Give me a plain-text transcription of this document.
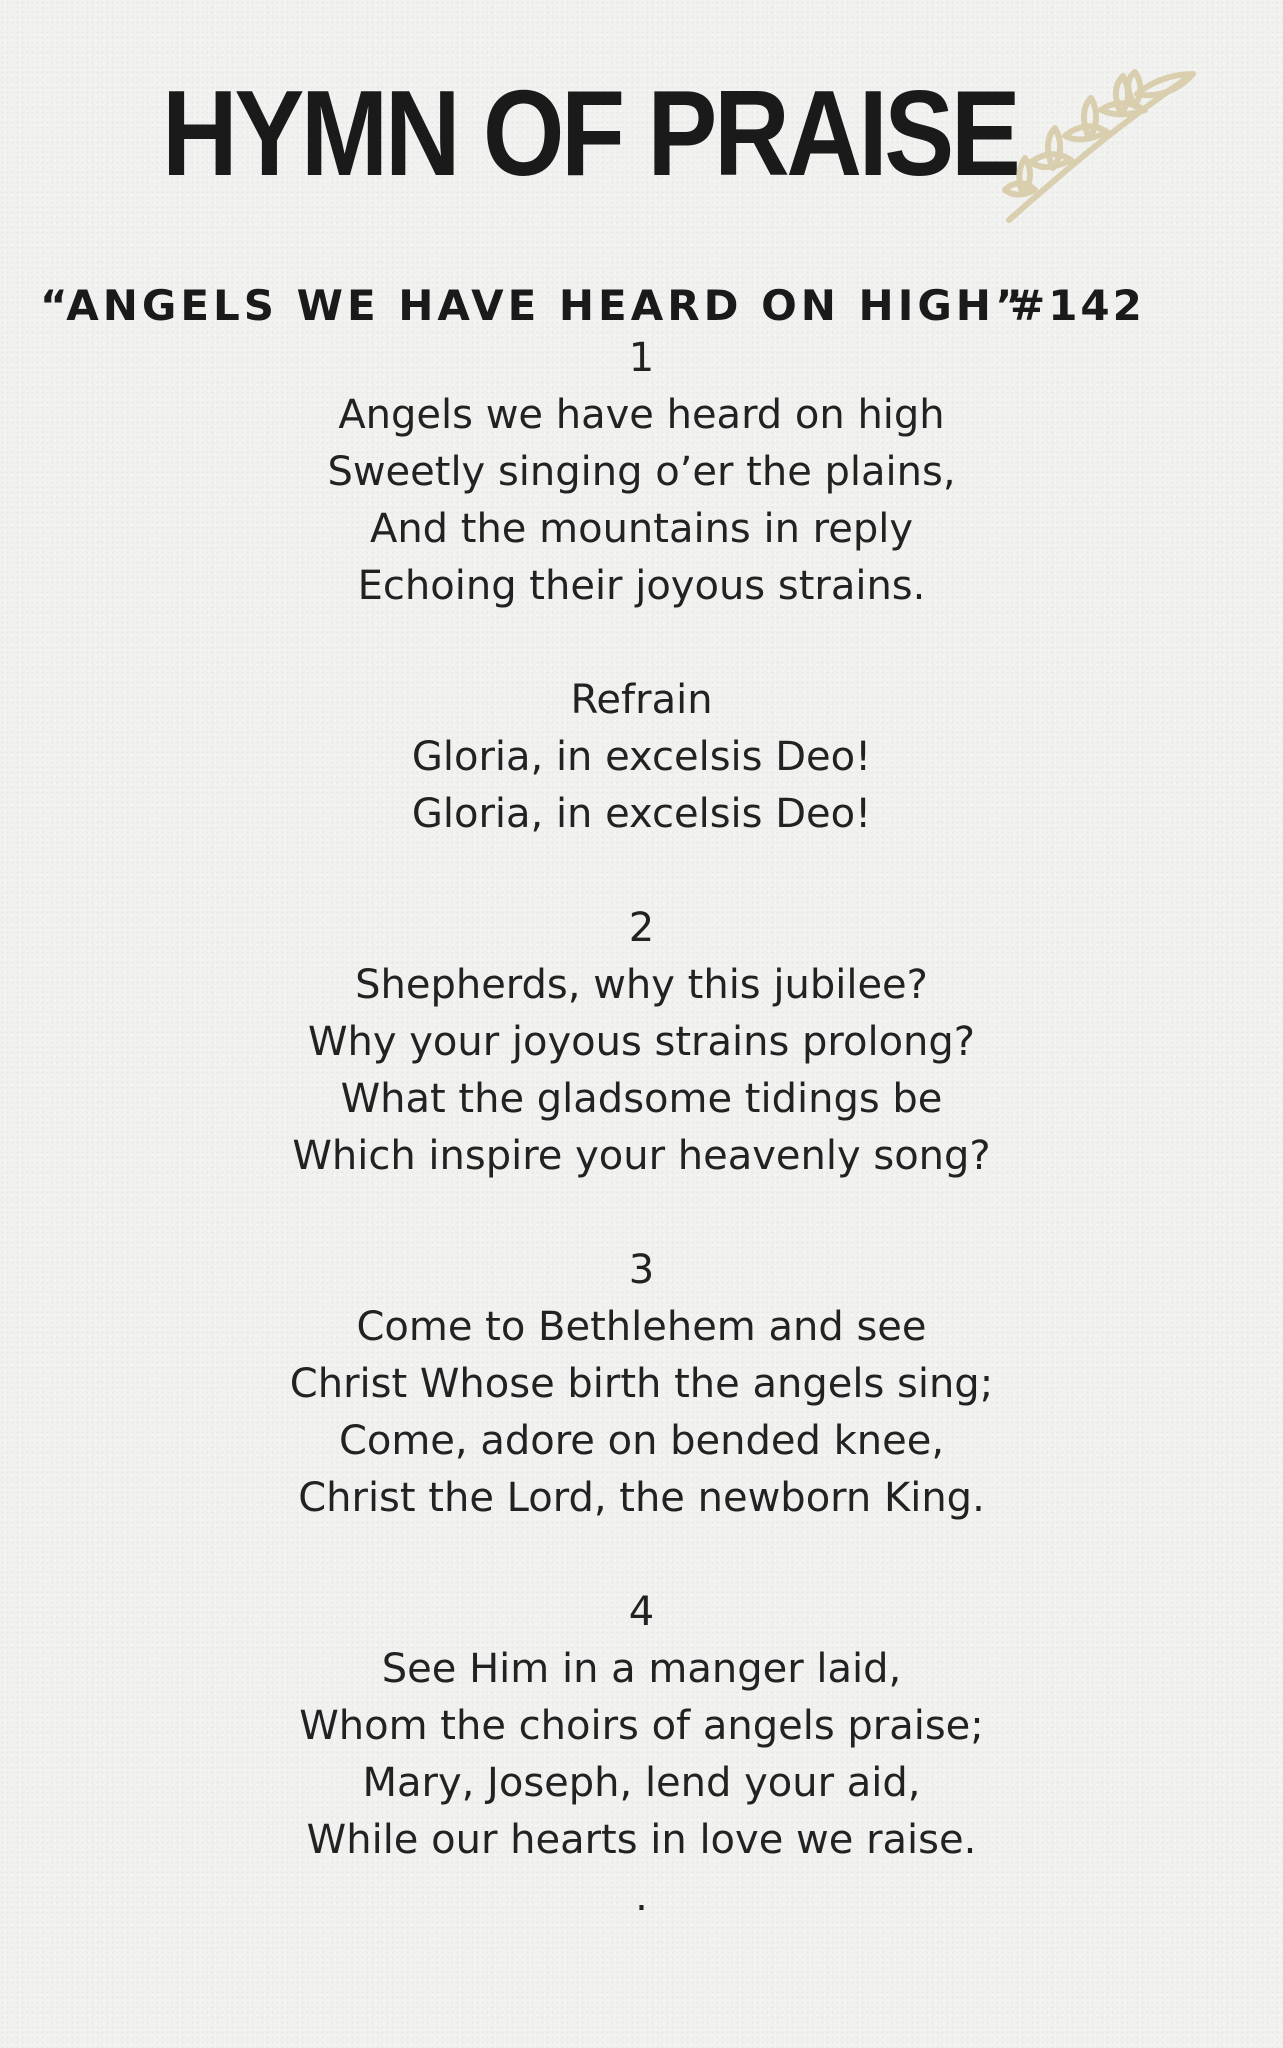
HYMN OF PRAISE
“ANGELS WE HAVE HEARD ON HIGH”
#142
1
Angels we have heard on high
Sweetly singing o’er the plains,
And the mountains in reply
Echoing their joyous strains.
Refrain
Gloria, in excelsis Deo!
Gloria, in excelsis Deo!
2
Shepherds, why this jubilee?
Why your joyous strains prolong?
What the gladsome tidings be
Which inspire your heavenly song?
3
Come to Bethlehem and see
Christ Whose birth the angels sing;
Come, adore on bended knee,
Christ the Lord, the newborn King.
4
See Him in a manger laid,
Whom the choirs of angels praise;
Mary, Joseph, lend your aid,
While our hearts in love we raise.
.
